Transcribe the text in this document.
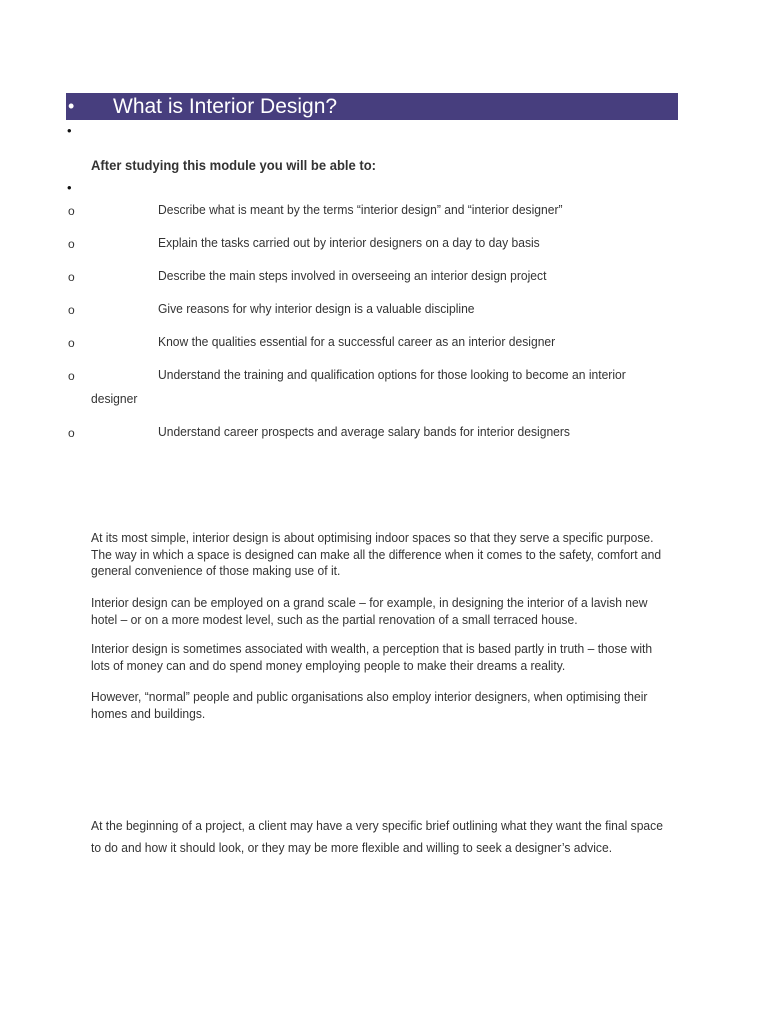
• What is Interior Design?
•
After studying this module you will be able to:
•
o	Describe what is meant by the terms “interior design” and “interior designer”
o	Explain the tasks carried out by interior designers on a day to day basis
o	Describe the main steps involved in overseeing an interior design project
o	Give reasons for why interior design is a valuable discipline
o	Know the qualities essential for a successful career as an interior designer
o	Understand the training and qualification options for those looking to become an interior
designer
o	Understand career prospects and average salary bands for interior designers

At its most simple, interior design is about optimising indoor spaces so that they serve a specific purpose. The way in which a space is designed can make all the difference when it comes to the safety, comfort and general convenience of those making use of it.

Interior design can be employed on a grand scale – for example, in designing the interior of a lavish new hotel – or on a more modest level, such as the partial renovation of a small terraced house.

Interior design is sometimes associated with wealth, a perception that is based partly in truth – those with lots of money can and do spend money employing people to make their dreams a reality.

However, “normal” people and public organisations also employ interior designers, when optimising their homes and buildings.

At the beginning of a project, a client may have a very specific brief outlining what they want the final space to do and how it should look, or they may be more flexible and willing to seek a designer’s advice.
